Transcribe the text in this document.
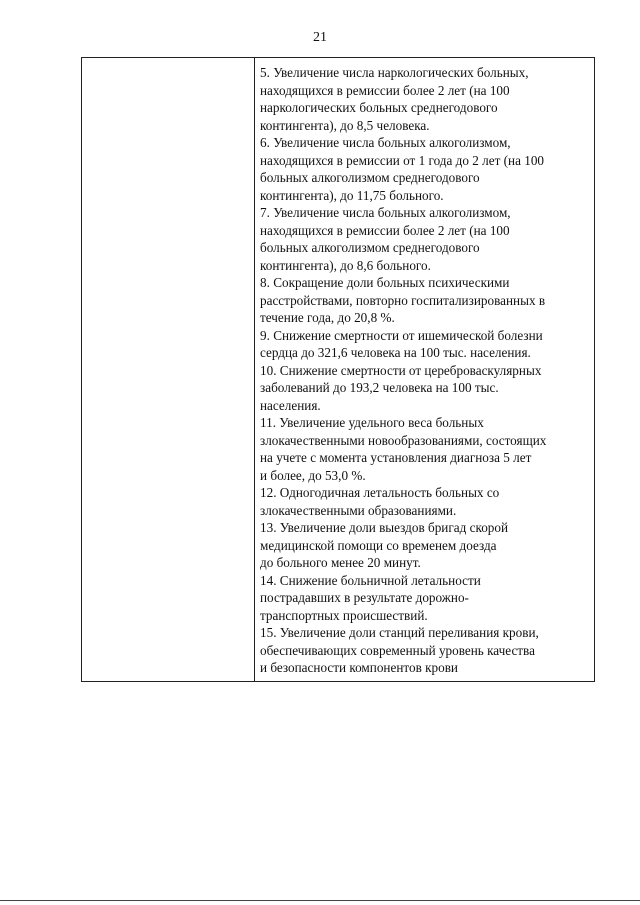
21
5. Увеличение числа наркологических больных,
находящихся в ремиссии более 2 лет (на 100
наркологических больных среднегодового
контингента), до 8,5 человека.
6. Увеличение числа больных алкоголизмом,
находящихся в ремиссии от 1 года до 2 лет (на 100
больных алкоголизмом среднегодового
контингента), до 11,75 больного.
7. Увеличение числа больных алкоголизмом,
находящихся в ремиссии более 2 лет (на 100
больных алкоголизмом среднегодового
контингента), до 8,6 больного.
8. Сокращение доли больных психическими
расстройствами, повторно госпитализированных в
течение года, до 20,8 %.
9. Снижение смертности от ишемической болезни
сердца до 321,6 человека на 100 тыс. населения.
10. Снижение смертности от цереброваскулярных
заболеваний до 193,2 человека на 100 тыс.
населения.
11. Увеличение удельного веса больных
злокачественными новообразованиями, состоящих
на учете с момента установления диагноза 5 лет
и более, до 53,0 %.
12. Одногодичная летальность больных со
злокачественными образованиями.
13. Увеличение доли выездов бригад скорой
медицинской помощи со временем доезда
до больного менее 20 минут.
14. Снижение больничной летальности
пострадавших в результате дорожно-
транспортных происшествий.
15. Увеличение доли станций переливания крови,
обеспечивающих современный уровень качества
и безопасности компонентов крови
